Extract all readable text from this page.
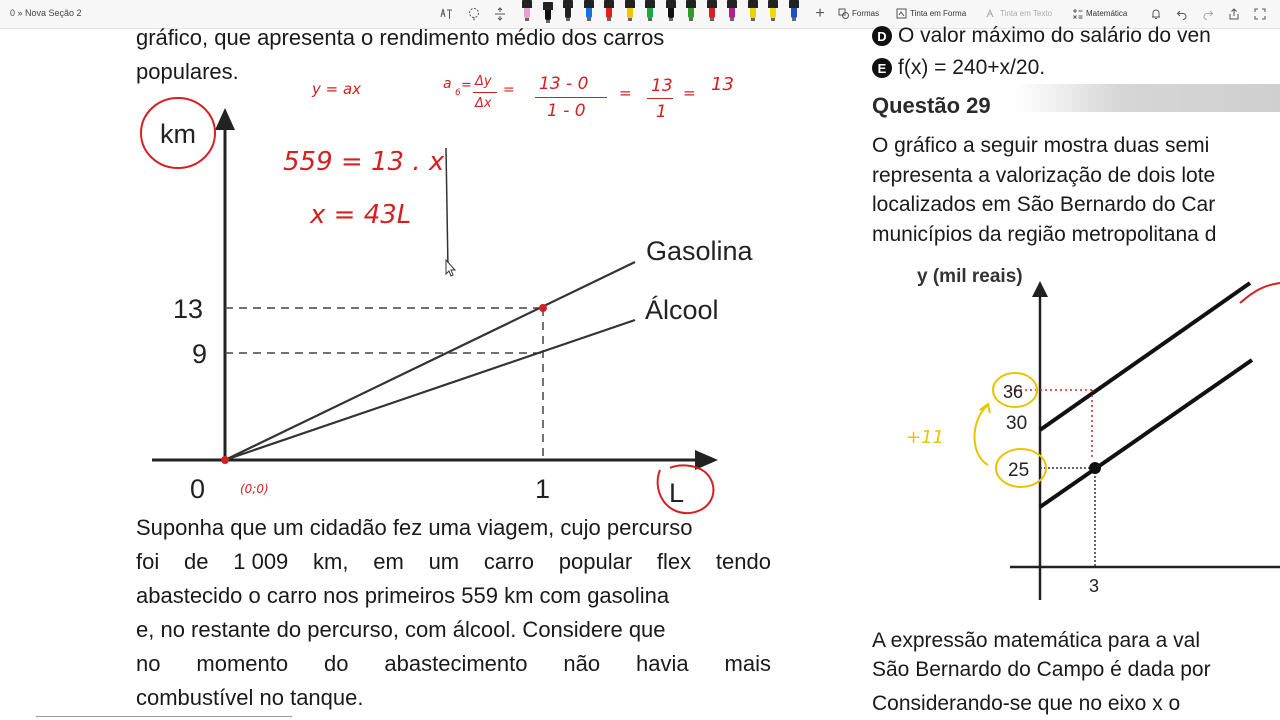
0 » Nova Seção 2	+	Formas	Tinta em Forma	Tinta em Texto	Matemática
gráfico, que apresenta o rendimento médio dos carros
populares.
km
13
9
0	1	L
Gasolina
Álcool
y = ax
559 = 13 . x
x = 43L
(0;0)
a
6 = Δy
Δx
= 13 - 0
1 - 0
= 13
1
= 13
Suponha que um cidadão fez uma viagem, cujo percurso
foi de 1 009 km, em um carro popular flex tendo
abastecido o carro nos primeiros 559 km com gasolina
e, no restante do percurso, com álcool. Considere que
no momento do abastecimento não havia mais
combustível no tanque.
D O valor máximo do salário do ven
E f(x) = 240+x/20.
Questão 29
O gráfico a seguir mostra duas semi
representa a valorização de dois lote
localizados em São Bernardo do Car
municípios da região metropolitana d
y (mil reais)
36
30
25
3
+11
A expressão matemática para a val
São Bernardo do Campo é dada por
Considerando-se que no eixo x o
